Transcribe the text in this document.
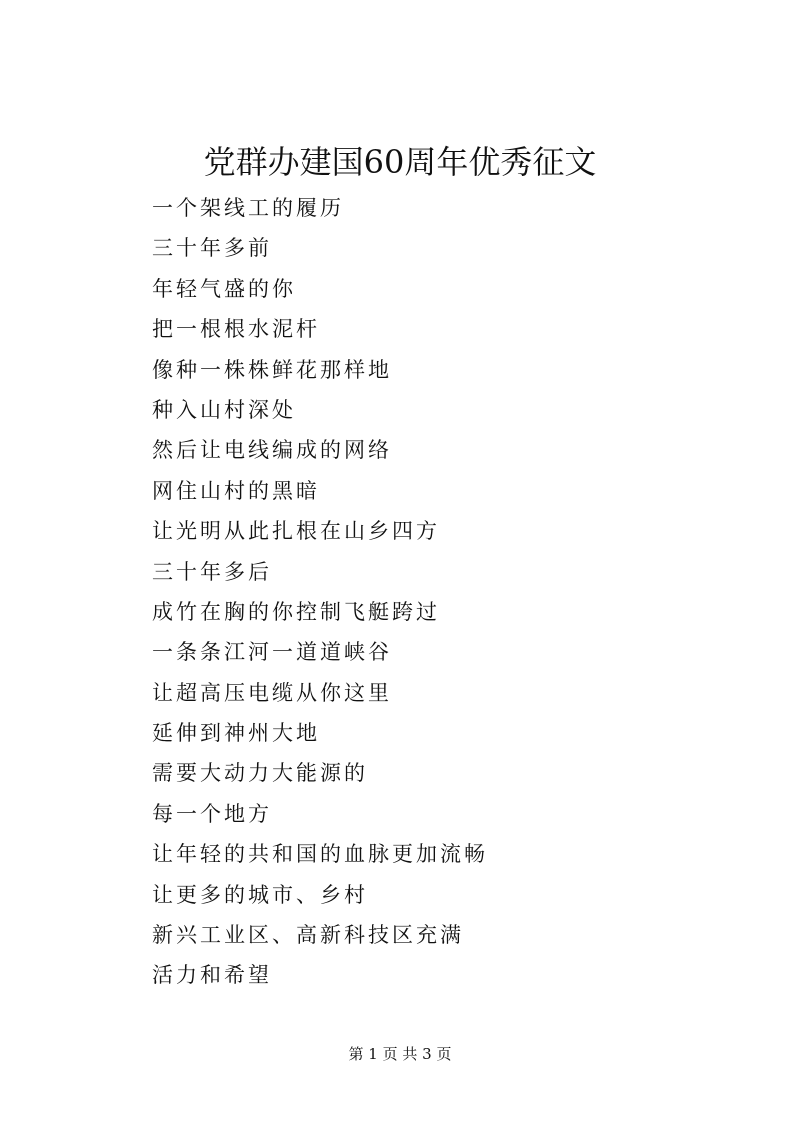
党群办建国60周年优秀征文
一个架线工的履历
三十年多前
年轻气盛的你
把一根根水泥杆
像种一株株鲜花那样地
种入山村深处
然后让电线编成的网络
网住山村的黑暗
让光明从此扎根在山乡四方
三十年多后
成竹在胸的你控制飞艇跨过
一条条江河一道道峡谷
让超高压电缆从你这里
延伸到神州大地
需要大动力大能源的
每一个地方
让年轻的共和国的血脉更加流畅
让更多的城市、乡村
新兴工业区、高新科技区充满
活力和希望
第 1 页 共 3 页
